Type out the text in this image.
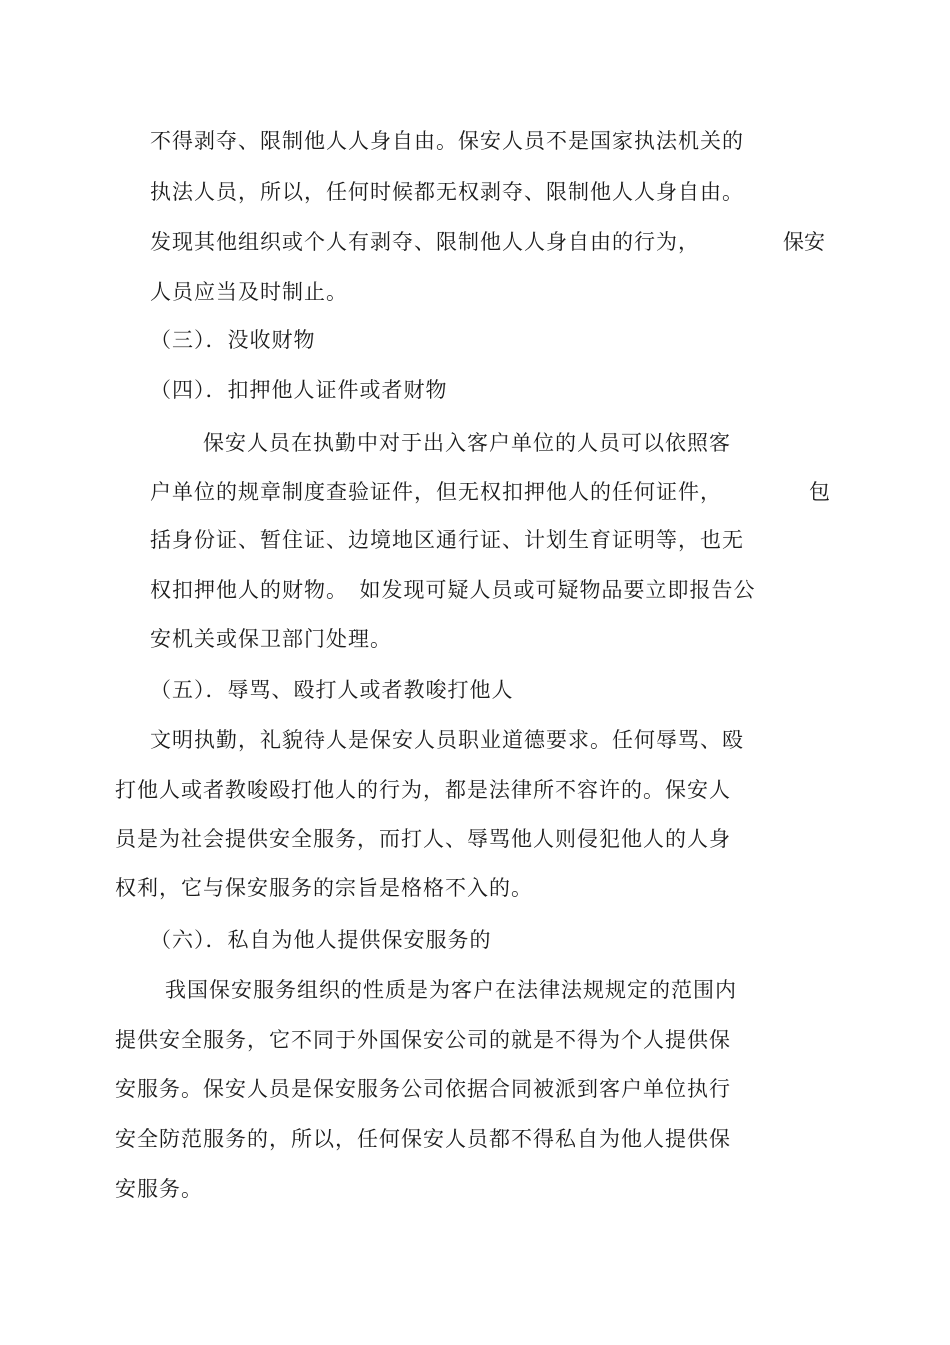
不得剥夺、限制他人人身自由。保安人员不是国家执法机关的
执法人员，所以，任何时候都无权剥夺、限制他人人身自由。
发现其他组织或个人有剥夺、限制他人人身自由的行为，	保安
人员应当及时制止。
（三）．没收财物
（四）．扣押他人证件或者财物
保安人员在执勤中对于出入客户单位的人员可以依照客
户单位的规章制度查验证件，但无权扣押他人的任何证件，	包
括身份证、暂住证、边境地区通行证、计划生育证明等，也无
权扣押他人的财物。　如发现可疑人员或可疑物品要立即报告公
安机关或保卫部门处理。
（五）．辱骂、殴打人或者教唆打他人
文明执勤，礼貌待人是保安人员职业道德要求。任何辱骂、殴
打他人或者教唆殴打他人的行为，都是法律所不容许的。保安人
员是为社会提供安全服务，而打人、辱骂他人则侵犯他人的人身
权利，它与保安服务的宗旨是格格不入的。
（六）．私自为他人提供保安服务的
我国保安服务组织的性质是为客户在法律法规规定的范围内
提供安全服务，它不同于外国保安公司的就是不得为个人提供保
安服务。保安人员是保安服务公司依据合同被派到客户单位执行
安全防范服务的，所以，任何保安人员都不得私自为他人提供保
安服务。
